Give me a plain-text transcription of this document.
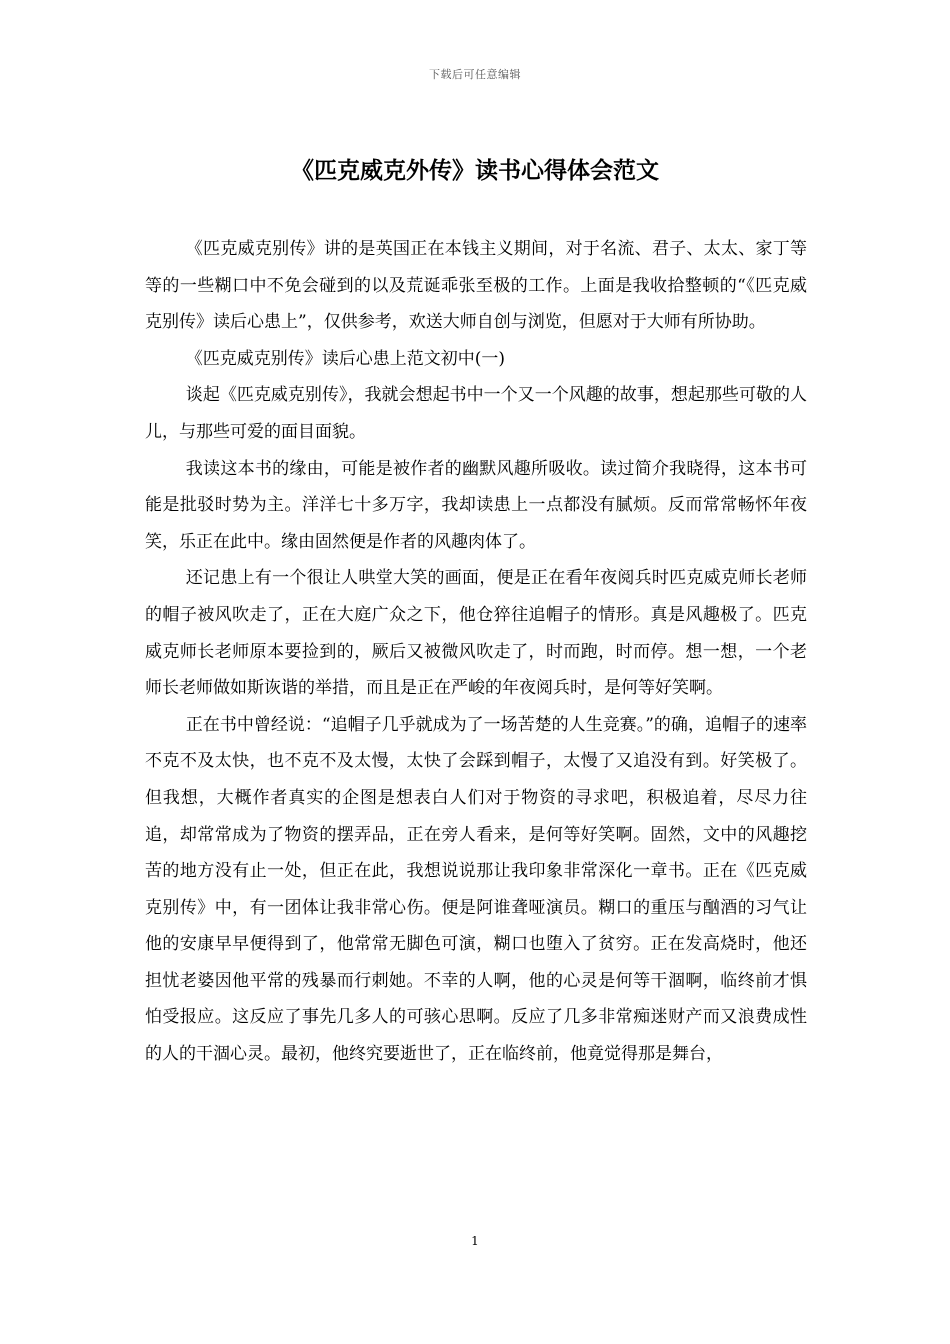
下载后可任意编辑
《匹克威克外传》读书心得体会范文

《匹克威克别传》讲的是英国正在本钱主义期间，对于名流、君子、太太、家丁等等的一些糊口中不免会碰到的以及荒诞乖张至极的工作。上面是我收拾整顿的“《匹克威克别传》读后心患上”，仅供参考，欢送大师自创与浏览，但愿对于大师有所协助。

《匹克威克别传》读后心患上范文初中(一)

谈起《匹克威克别传》，我就会想起书中一个又一个风趣的故事，想起那些可敬的人儿，与那些可爱的面目面貌。

我读这本书的缘由，可能是被作者的幽默风趣所吸收。读过简介我晓得，这本书可能是批驳时势为主。洋洋七十多万字，我却读患上一点都没有腻烦。反而常常畅怀年夜笑，乐正在此中。缘由固然便是作者的风趣肉体了。

还记患上有一个很让人哄堂大笑的画面，便是正在看年夜阅兵时匹克威克师长老师的帽子被风吹走了，正在大庭广众之下，他仓猝往追帽子的情形。真是风趣极了。匹克威克师长老师原本要捡到的，厥后又被微风吹走了，时而跑，时而停。想一想，一个老师长老师做如斯诙谐的举措，而且是正在严峻的年夜阅兵时，是何等好笑啊。

正在书中曾经说：“追帽子几乎就成为了一场苦楚的人生竞赛。”的确，追帽子的速率不克不及太快，也不克不及太慢，太快了会踩到帽子，太慢了又追没有到。好笑极了。但我想，大概作者真实的企图是想表白人们对于物资的寻求吧，积极追着，尽尽力往追，却常常成为了物资的摆弄品，正在旁人看来，是何等好笑啊。固然，文中的风趣挖苦的地方没有止一处，但正在此，我想说说那让我印象非常深化一章书。正在《匹克威克别传》中，有一团体让我非常心伤。便是阿谁聋哑演员。糊口的重压与酗酒的习气让他的安康早早便得到了，他常常无脚色可演，糊口也堕入了贫穷。正在发高烧时，他还担忧老婆因他平常的残暴而行刺她。不幸的人啊，他的心灵是何等干涸啊，临终前才惧怕受报应。这反应了事先几多人的可骇心思啊。反应了几多非常痴迷财产而又浪费成性的人的干涸心灵。最初，他终究要逝世了，正在临终前，他竟觉得那是舞台，

1
